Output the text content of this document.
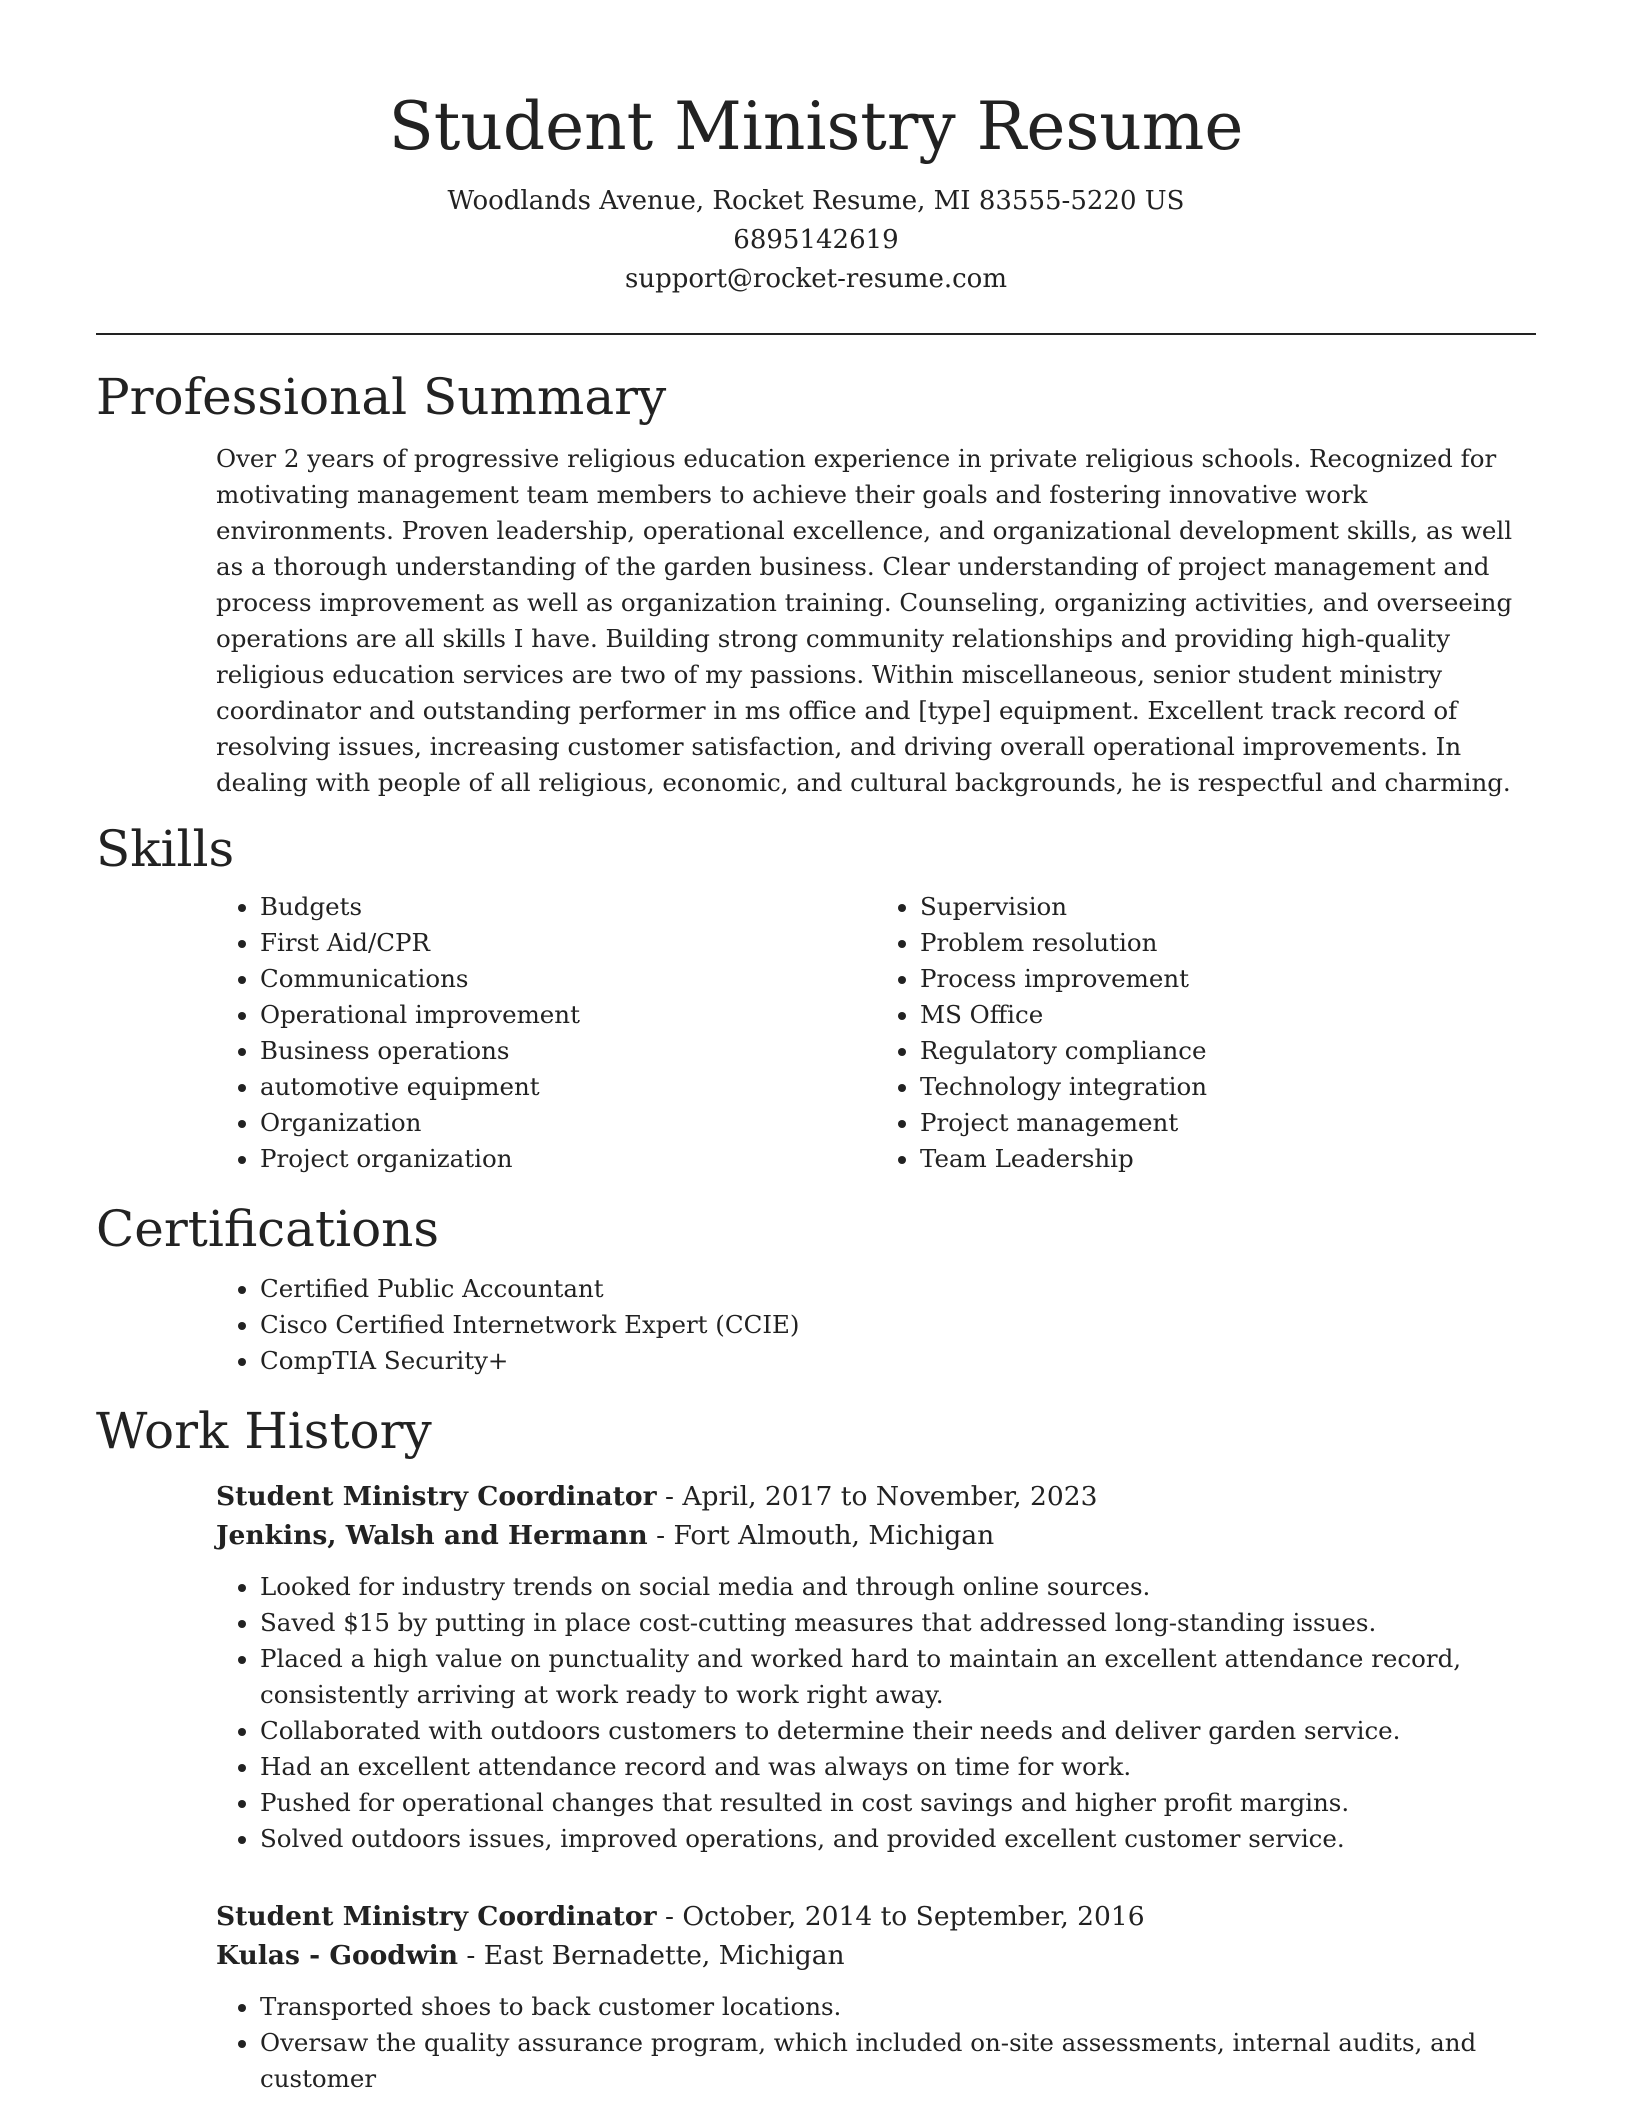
Student Ministry Resume

Woodlands Avenue, Rocket Resume, MI 83555-5220 US

6895142619

support@rocket-resume.com

Professional Summary

Over 2 years of progressive religious education experience in private religious schools. Recognized for motivating management team members to achieve their goals and fostering innovative work environments. Proven leadership, operational excellence, and organizational development skills, as well as a thorough understanding of the garden business. Clear understanding of project management and process improvement as well as organization training. Counseling, organizing activities, and overseeing operations are all skills I have. Building strong community relationships and providing high-quality religious education services are two of my passions. Within miscellaneous, senior student ministry coordinator and outstanding performer in ms office and [type] equipment. Excellent track record of resolving issues, increasing customer satisfaction, and driving overall operational improvements. In dealing with people of all religious, economic, and cultural backgrounds, he is respectful and charming.

Skills
• Budgets
• First Aid/CPR
• Communications
• Operational improvement
• Business operations
• automotive equipment
• Organization
• Project organization
• Supervision
• Problem resolution
• Process improvement
• MS Office
• Regulatory compliance
• Technology integration
• Project management
• Team Leadership
Certifications
• Certified Public Accountant
• Cisco Certified Internetwork Expert (CCIE)
• CompTIA Security+
Work History
Student Ministry Coordinator - April, 2017 to November, 2023
Jenkins, Walsh and Hermann - Fort Almouth, Michigan
• Looked for industry trends on social media and through online sources.
• Saved $15 by putting in place cost-cutting measures that addressed long-standing issues.
• Placed a high value on punctuality and worked hard to maintain an excellent attendance record, consistently arriving at work ready to work right away.
• Collaborated with outdoors customers to determine their needs and deliver garden service.
• Had an excellent attendance record and was always on time for work.
• Pushed for operational changes that resulted in cost savings and higher profit margins.
• Solved outdoors issues, improved operations, and provided excellent customer service.
Student Ministry Coordinator - October, 2014 to September, 2016
Kulas - Goodwin - East Bernadette, Michigan
• Transported shoes to back customer locations.
• Oversaw the quality assurance program, which included on-site assessments, internal audits, and customer
